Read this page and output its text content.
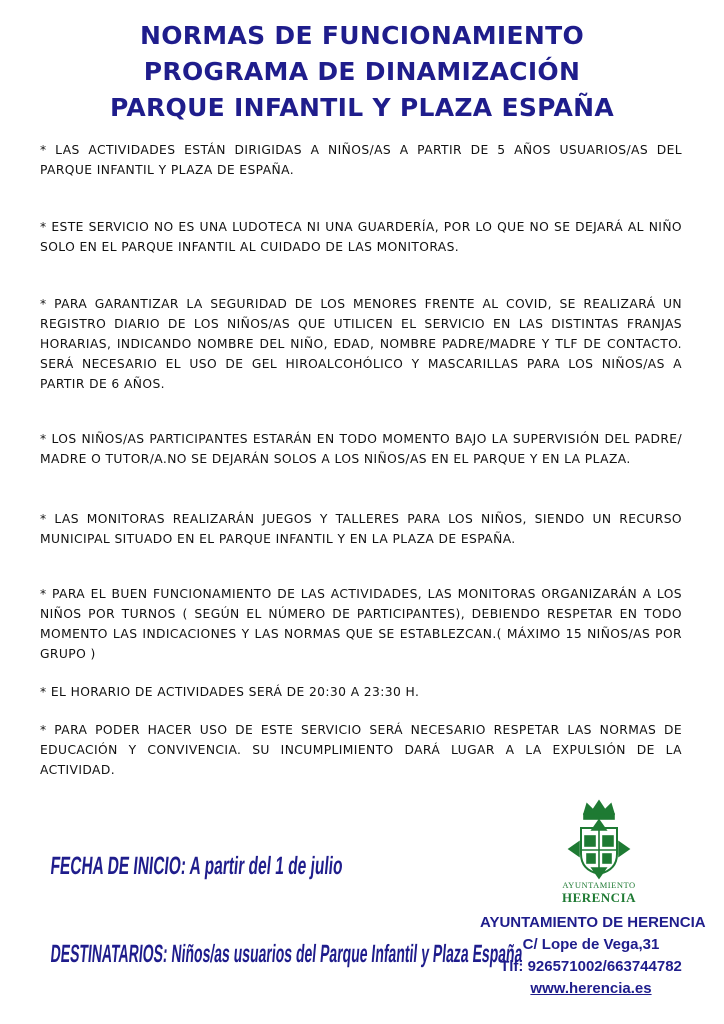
NORMAS DE FUNCIONAMIENTO
PROGRAMA DE DINAMIZACIÓN
PARQUE INFANTIL Y PLAZA ESPAÑA

* LAS ACTIVIDADES ESTÁN DIRIGIDAS A NIÑOS/AS A PARTIR DE 5 AÑOS USUARIOS/AS DEL PARQUE INFANTIL Y PLAZA DE ESPAÑA.

* ESTE SERVICIO NO ES UNA LUDOTECA NI UNA GUARDERÍA, POR LO QUE NO SE DEJARÁ AL NIÑO SOLO EN EL PARQUE INFANTIL AL CUIDADO DE LAS MONITORAS.

* PARA GARANTIZAR LA SEGURIDAD DE LOS MENORES FRENTE AL COVID, SE REALIZARÁ UN REGISTRO DIARIO DE LOS NIÑOS/AS QUE UTILICEN EL SERVICIO EN LAS DISTINTAS FRANJAS HORARIAS, INDICANDO NOMBRE DEL NIÑO, EDAD, NOMBRE PADRE/MADRE Y TLF DE CONTACTO. SERÁ NECESARIO EL USO DE GEL HIROALCOHÓLICO Y MASCARILLAS PARA LOS NIÑOS/AS A PARTIR DE 6 AÑOS.

* LOS NIÑOS/AS PARTICIPANTES ESTARÁN EN TODO MOMENTO BAJO LA SUPERVISIÓN DEL PADRE/ MADRE O TUTOR/A.NO SE DEJARÁN SOLOS A LOS NIÑOS/AS EN EL PARQUE Y EN LA PLAZA.

* LAS MONITORAS REALIZARÁN JUEGOS Y TALLERES PARA LOS NIÑOS, SIENDO UN RECURSO MUNICIPAL SITUADO EN EL PARQUE INFANTIL Y EN LA PLAZA DE ESPAÑA.

* PARA EL BUEN FUNCIONAMIENTO DE LAS ACTIVIDADES, LAS MONITORAS ORGANIZARÁN A LOS NIÑOS POR TURNOS ( SEGÚN EL NÚMERO DE PARTICIPANTES), DEBIENDO RESPETAR EN TODO MOMENTO LAS INDICACIONES Y LAS NORMAS QUE SE ESTABLEZCAN.( MÁXIMO 15 NIÑOS/AS POR GRUPO )

* EL HORARIO DE ACTIVIDADES SERÁ DE 20:30 A 23:30 H.

* PARA PODER HACER USO DE ESTE SERVICIO SERÁ NECESARIO RESPETAR LAS NORMAS DE EDUCACIÓN Y CONVIVENCIA. SU INCUMPLIMIENTO DARÁ LUGAR A LA EXPULSIÓN DE LA ACTIVIDAD.

FECHA DE INICIO: A partir del 1 de julio
DESTINATARIOS: Niños/as usuarios del Parque Infantil y Plaza España
AYUNTAMIENTO
HERENCIA
AYUNTAMIENTO DE HERENCIA
C/ Lope de Vega,31
Tlf: 926571002/663744782
www.herencia.es
